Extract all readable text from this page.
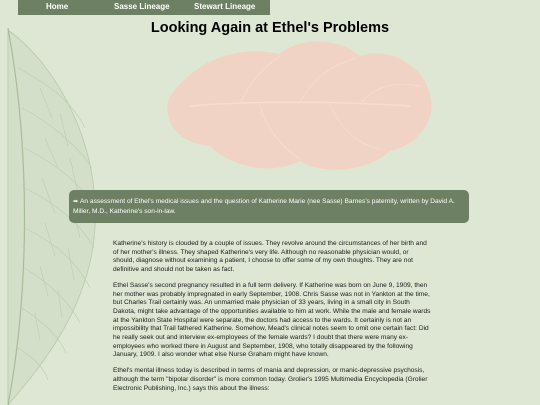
Home	Sasse Lineage	Stewart Lineage
Looking Again at Ethel's Problems
➡ An assessment of Ethel's medical issues and the question of Katherine Marie (nee Sasse) Barnes's paternity, written by David A. Miller, M.D., Katherine's son-in-law.

Katherine's history is clouded by a couple of issues. They revolve around the circumstances of her birth and of her mother's illness. They shaped Katherine's very life. Although no reasonable physician would, or should, diagnose without examining a patient, I choose to offer some of my own thoughts. They are not definitive and should not be taken as fact.

Ethel Sasse's second pregnancy resulted in a full term delivery. If Katherine was born on June 9, 1909, then her mother was probably impregnated in early September, 1908. Chris Sasse was not in Yankton at the time, but Charles Trail certainly was. An unmarried male physician of 33 years, living in a small city in South Dakota, might take advantage of the opportunities available to him at work. While the male and female wards at the Yankton State Hospital were separate, the doctors had access to the wards. It certainly is not an impossibility that Trail fathered Katherine. Somehow, Mead's clinical notes seem to omit one certain fact: Did he really seek out and interview ex-employees of the female wards? I doubt that there were many ex-employees who worked there in August and September, 1908, who totally disappeared by the following January, 1909. I also wonder what else Nurse Graham might have known.

Ethel's mental illness today is described in terms of mania and depression, or manic-depressive psychosis, although the term "bipolar disorder" is more common today. Grolier's 1995 Multimedia Encyclopedia (Grolier Electronic Publishing, Inc.) says this about the illness:
